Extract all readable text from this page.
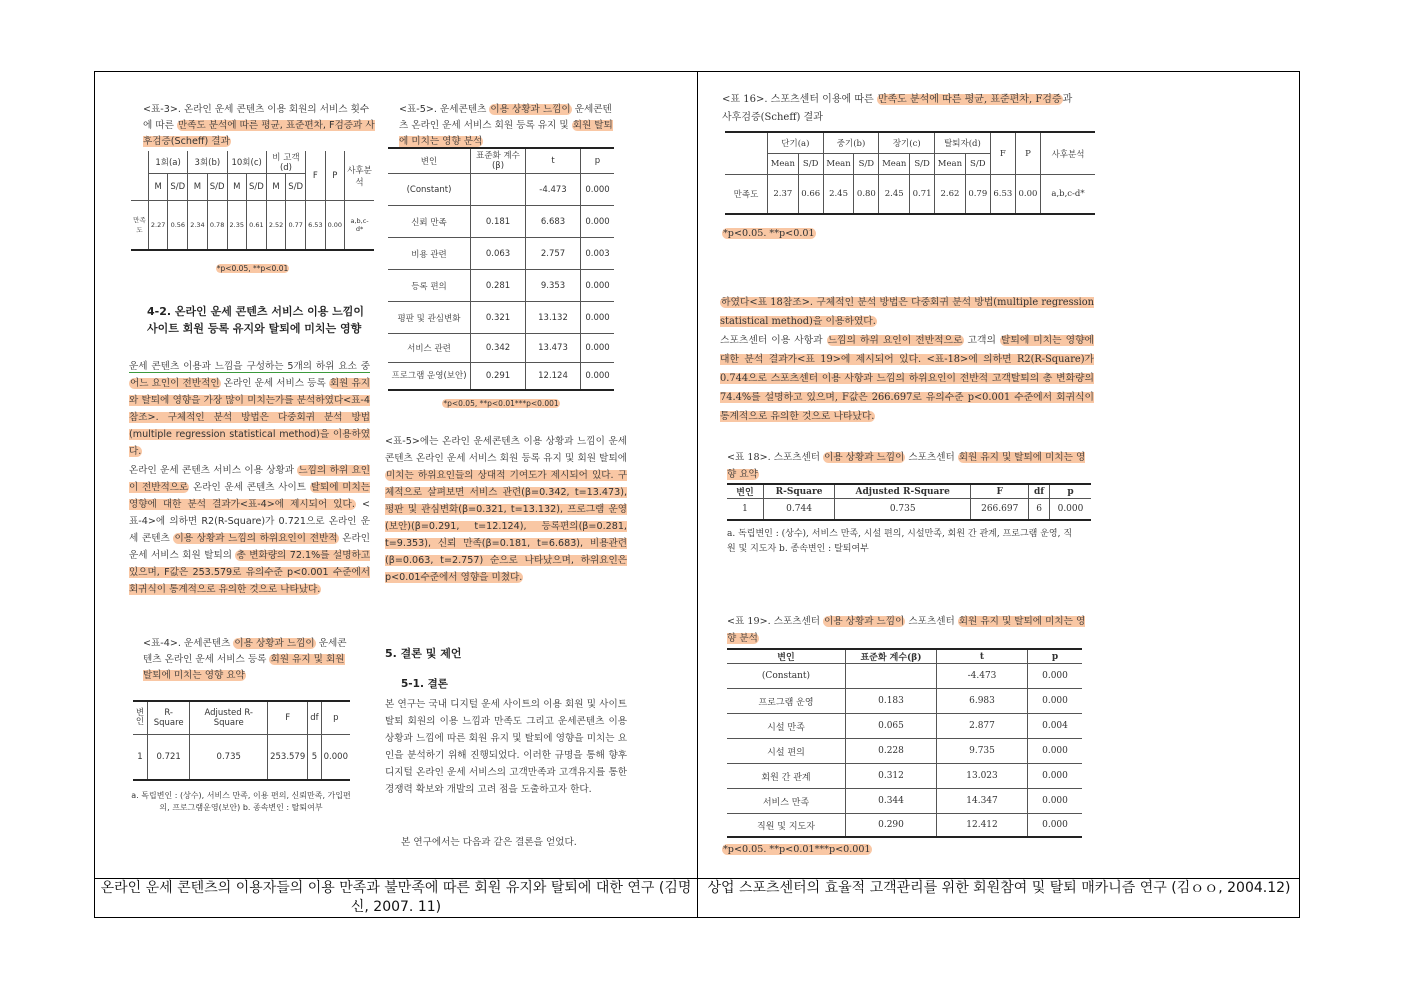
<표-3>. 온라인 운세 콘텐츠 이용 회원의 서비스 횟수에 따른 만족도 분석에 따른 평균, 표준편차, F검증과 사후검증(Scheff) 결과
	1회(a)		3회(b)		10회(c)		비 고객(d)		F	P	사후분석
	M	S/D	M	S/D	M	S/D	M	S/D			
만족도	2.27	0.56	2.34	0.78	2.35	0.61	2.52	0.77	6.53	0.00	a,b,c-d*
*p<0.05, **p<0.01
4-2. 온라인 운세 콘텐츠 서비스 이용 느낌이 사이트 회원 등록 유지와 탈퇴에 미치는 영향
운세 콘텐츠 이용과 느낌을 구성하는 5개의 하위 요소 중 어느 요인이 전반적인 온라인 운세 서비스 등록 회원 유지와 탈퇴에 영향을 가장 많이 미치는가를 분석하였다<표-4 참조>. 구체적인 분석 방법은 다중회귀 분석 방법(multiple regression statistical method)을 이용하였다.
온라인 운세 콘텐츠 서비스 이용 상황과 느낌의 하위 요인이 전반적으로 온라인 운세 콘텐츠 사이트 탈퇴에 미치는 영향에 대한 분석 결과가<표-4>에 제시되어 있다. <표-4>에 의하면 R2(R-Square)가 0.721으로 온라인 운세 콘텐츠 이용 상황과 느낌의 하위요인이 전반적 온라인 운세 서비스 회원 탈퇴의 총 변화량의 72.1%를 설명하고 있으며, F값은 253.579로 유의수준 p<0.001 수준에서 회귀식이 통계적으로 유의한 것으로 나타났다.
<표-4>. 운세콘텐츠 이용 상황과 느낌이 운세콘텐츠 온라인 운세 서비스 등록 회원 유지 및 회원 탈퇴에 미치는 영향 요약
변인	R-Square	Adjusted R-Square	F	df	p
1	0.721	0.735	253.579	5	0.000
a. 독립변인 : (상수), 서비스 만족, 이용 편의, 신뢰만족, 가입편의, 프로그램운영(보안) b. 종속변인 : 탈퇴여부
<표-5>. 운세콘텐츠 이용 상황과 느낌이 운세콘텐츠 온라인 운세 서비스 회원 등록 유지 및 회원 탈퇴에 미치는 영향 분석
변인	표준화 계수(β)	t	p
(Constant)		-4.473	0.000
신뢰 만족	0.181	6.683	0.000
비용 관련	0.063	2.757	0.003
등록 편의	0.281	9.353	0.000
평판 및 관심변화	0.321	13.132	0.000
서비스 관련	0.342	13.473	0.000
프로그램 운영(보안)	0.291	12.124	0.000
*p<0.05, **p<0.01***p<0.001
<표-5>에는 온라인 운세콘텐츠 이용 상황과 느낌이 운세 콘텐츠 온라인 운세 서비스 회원 등록 유지 및 회원 탈퇴에 미치는 하위요인들의 상대적 기여도가 제시되어 있다. 구체적으로 살펴보면 서비스 관련(β=0.342, t=13.473), 평판 및 관심변화(β=0.321, t=13.132), 프로그램 운영(보안)(β=0.291, t=12.124), 등록편의(β=0.281, t=9.353), 신뢰 만족(β=0.181, t=6.683), 비용관련(β=0.063, t=2.757) 순으로 나타났으며, 하위요인은 p<0.01수준에서 영향을 미쳤다.
5. 결론 및 제언
5-1. 결론
본 연구는 국내 디지털 운세 사이트의 이용 회원 및 사이트 탈퇴 회원의 이용 느낌과 만족도 그리고 운세콘텐츠 이용 상황과 느낌에 따른 회원 유지 및 탈퇴에 영향을 미치는 요인을 분석하기 위해 진행되었다. 이러한 규명을 통해 향후 디지털 온라인 운세 서비스의 고객만족과 고객유지를 통한 경쟁력 확보와 개발의 고려 점을 도출하고자 한다.
본 연구에서는 다음과 같은 결론을 얻었다.
<표 16>. 스포츠센터 이용에 따른 만족도 분석에 따른 평균, 표준편차, F검증과 사후검증(Scheff) 결과
	단기(a)		중기(b)		장기(c)		탈퇴자(d)		F	P	사후분석
	Mean	S/D	Mean	S/D	Mean	S/D	Mean	S/D			
만족도	2.37	0.66	2.45	0.80	2.45	0.71	2.62	0.79	6.53	0.00	a,b,c-d*
*p<0.05. **p<0.01
하였다<표 18참조>. 구체적인 분석 방법은 다중회귀 분석 방법(multiple regression statistical method)을 이용하였다.
스포츠센터 이용 사항과 느낌의 하위 요인이 전반적으로 고객의 탈퇴에 미치는 영향에 대한 분석 결과가<표 19>에 제시되어 있다. <표-18>에 의하면 R2(R-Square)가 0.744으로 스포츠센터 이용 사항과 느낌의 하위요인이 전반적 고객탈퇴의 총 변화량의 74.4%를 설명하고 있으며, F값은 266.697로 유의수준 p<0.001 수준에서 회귀식이 통계적으로 유의한 것으로 나타났다.
<표 18>. 스포츠센터 이용 상황과 느낌이 스포츠센터 회원 유지 및 탈퇴에 미치는 영향 요약
변인	R-Square	Adjusted R-Square	F	df	p
1	0.744	0.735	266.697	6	0.000
a. 독립변인 : (상수), 서비스 만족, 시설 편의, 시설만족, 회원 간 관계, 프로그램 운영, 직원 및 지도자 b. 종속변인 : 탈퇴여부
<표 19>. 스포츠센터 이용 상황과 느낌이 스포츠센터 회원 유지 및 탈퇴에 미치는 영향 분석
변인	표준화 계수(β)	t	p
(Constant)		-4.473	0.000
프로그램 운영	0.183	6.983	0.000
시설 만족	0.065	2.877	0.004
시설 편의	0.228	9.735	0.000
회원 간 관계	0.312	13.023	0.000
서비스 만족	0.344	14.347	0.000
직원 및 지도자	0.290	12.412	0.000
*p<0.05. **p<0.01***p<0.001
온라인 운세 콘텐츠의 이용자들의 이용 만족과 불만족에 따른 회원 유지와 탈퇴에 대한 연구 (김명신, 2007. 11)
상업 스포츠센터의 효율적 고객관리를 위한 회원참여 및 탈퇴 매카니즘 연구 (김ｏｏ, 2004.12)
